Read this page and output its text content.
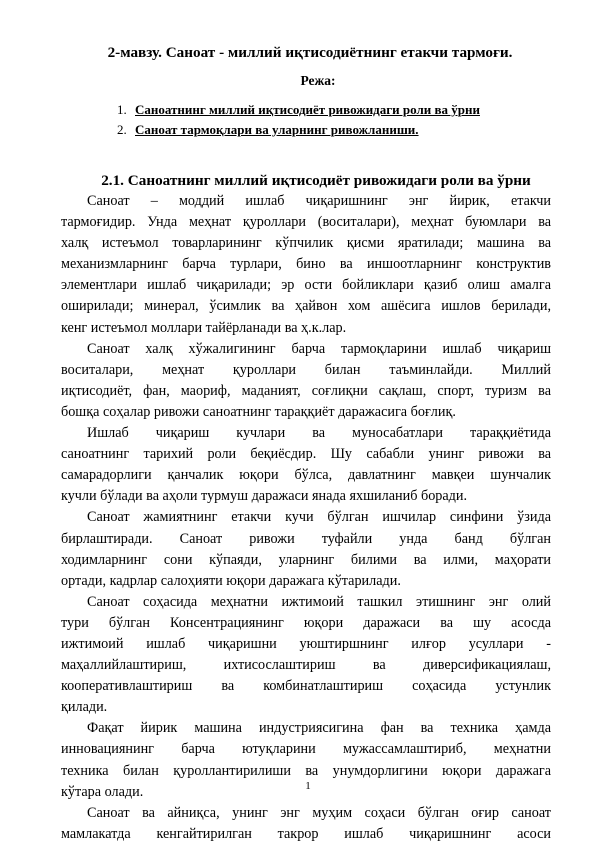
2-мавзу. Саноат - миллий иқтисодиётнинг етакчи тармоғи.
Режа:
1. Саноатнинг миллий иқтисодиёт ривожидаги роли ва ўрни
2. Саноат тармоқлари ва уларнинг ривожланиши.
2.1. Саноатнинг миллий иқтисодиёт ривожидаги роли ва ўрни
Саноат – моддий ишлаб чиқаришнинг энг йирик, етакчи
тармоғидир. Унда меҳнат қуроллари (воситалари), меҳнат буюмлари ва
халқ истеъмол товарларининг кўпчилик қисми яратилади; машина ва
механизмларнинг барча турлари, бино ва иншоотларнинг конструктив
элементлари ишлаб чиқарилади; эр ости бойликлари қазиб олиш амалга
оширилади; минерал, ўсимлик ва ҳайвон хом ашёсига ишлов берилади,
кенг истеъмол моллари тайёрланади ва ҳ.к.лар.
Саноат халқ хўжалигининг барча тармоқларини ишлаб чиқариш
воситалари, меҳнат қуроллари билан таъминлайди. Миллий
иқтисодиёт, фан, маориф, маданият, соғлиқни сақлаш, спорт, туризм ва
бошқа соҳалар ривожи саноатнинг тараққиёт даражасига боғлиқ.
Ишлаб чиқариш кучлари ва муносабатлари тараққиётида
саноатнинг тарихий роли беқиёсдир. Шу сабабли унинг ривожи ва
самарадорлиги қанчалик юқори бўлса, давлатнинг мавқеи шунчалик
кучли бўлади ва аҳоли турмуш даражаси янада яхшиланиб боради.
Саноат жамиятнинг етакчи кучи бўлган ишчилар синфини ўзида
бирлаштиради. Саноат ривожи туфайли унда банд бўлган
ходимларнинг сони кўпаяди, уларнинг билими ва илми, маҳорати
ортади, кадрлар салоҳияти юқори даражага кўтарилади.
Саноат соҳасида меҳнатни ижтимоий ташкил этишнинг энг олий
тури бўлган Консентрациянинг юқори даражаси ва шу асосда
ижтимоий ишлаб чиқаришни уюштиршнинг илғор усуллари -
маҳаллийлаштириш, ихтисослаштириш ва диверсификациялаш,
кооперативлаштириш ва комбинатлаштириш соҳасида устунлик
қилади.
Фақат йирик машина индустриясигина фан ва техника ҳамда
инновациянинг барча ютуқларини мужассамлаштириб, меҳнатни
техника билан қуроллантирилиши ва унумдорлигини юқори даражага
кўтара олади.
Саноат ва айниқса, унинг энг муҳим соҳаси бўлган оғир саноат
мамлакатда кенгайтирилган такрор ишлаб чиқаришнинг асоси
1
